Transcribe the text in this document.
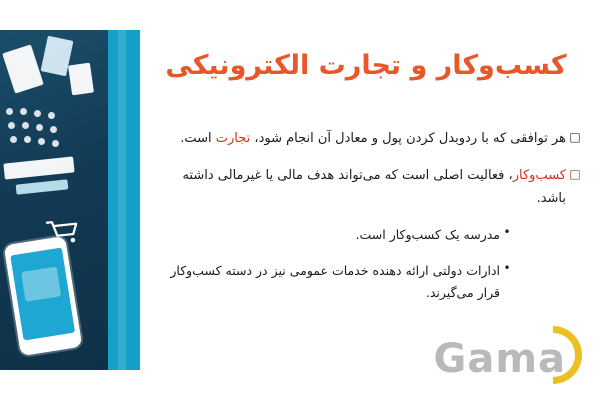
کسب‌وکار و تجارت الکترونیکی
□
هر توافقی که با ردوبدل کردن پول و معادل آن انجام شود، تجارت است.
□
کسب‌وکار، فعالیت اصلی است که می‌تواند هدف مالی یا غیرمالی داشته باشد.
•
مدرسه یک کسب‌وکار است.
•
ادارات دولتی ارائه دهنده خدمات عمومی نیز در دسته کسب‌وکار قرار می‌گیرند.
Gama
